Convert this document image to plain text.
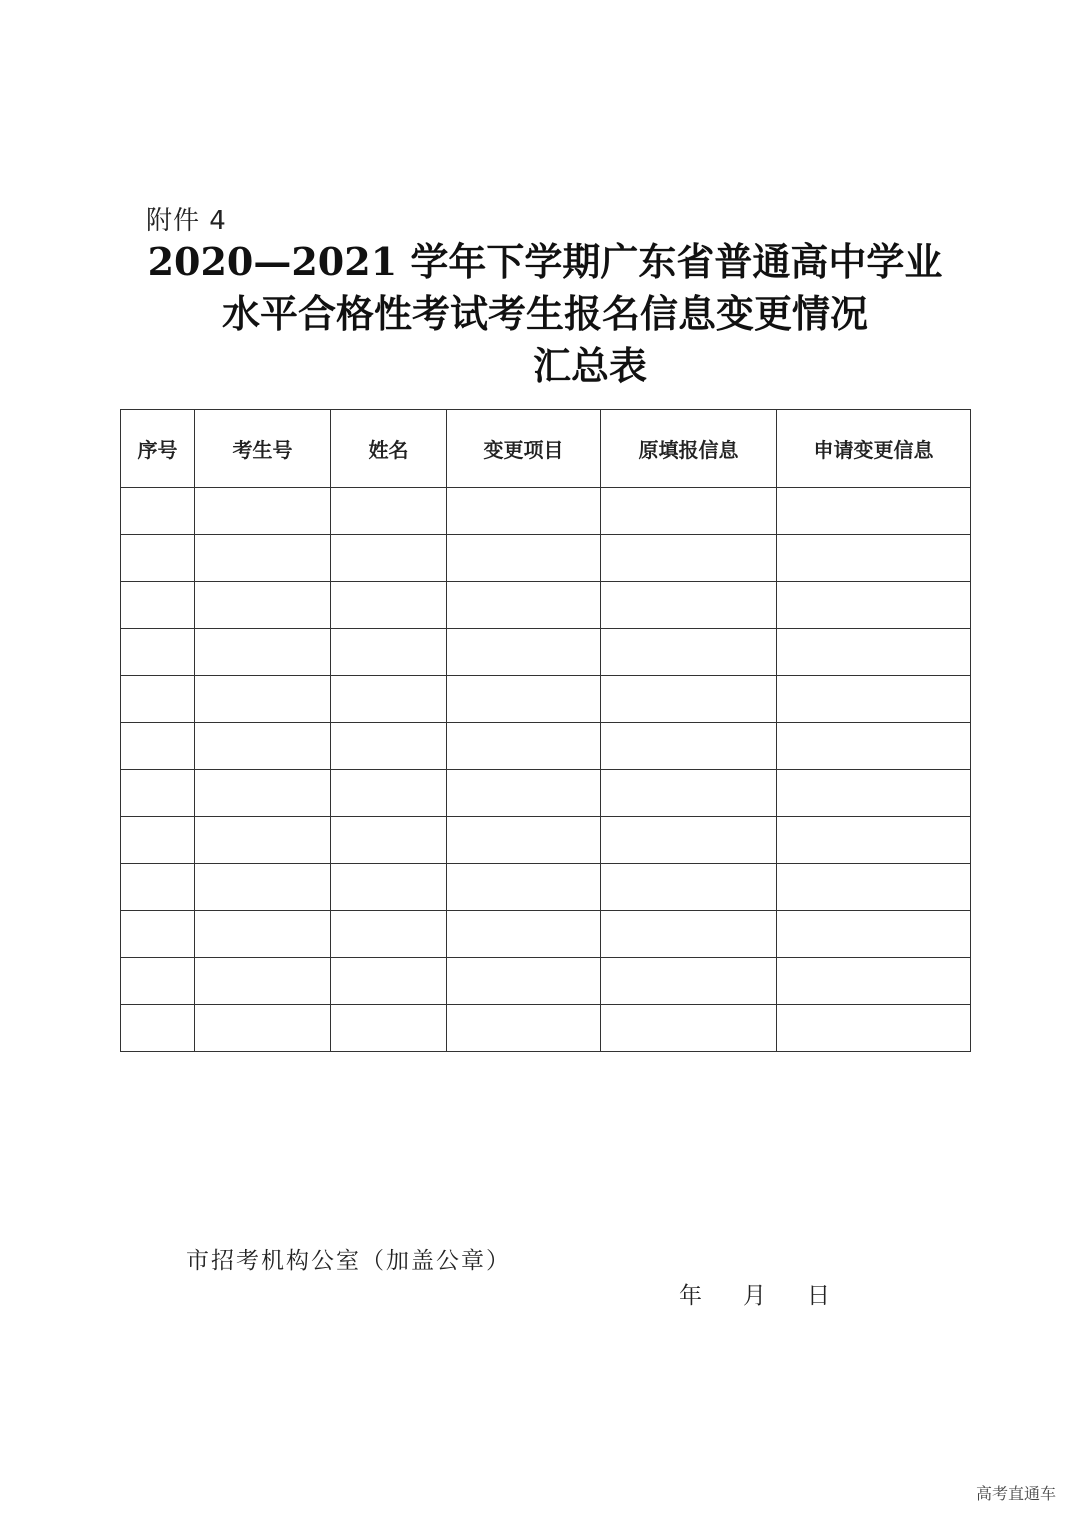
附件 4
2020—2021 学年下学期广东省普通高中学业
水平合格性考试考生报名信息变更情况
汇总表
序号	考生号	姓名	变更项目	原填报信息	申请变更信息

市招考机构公室（加盖公章）
年 月 日
高考直通车
